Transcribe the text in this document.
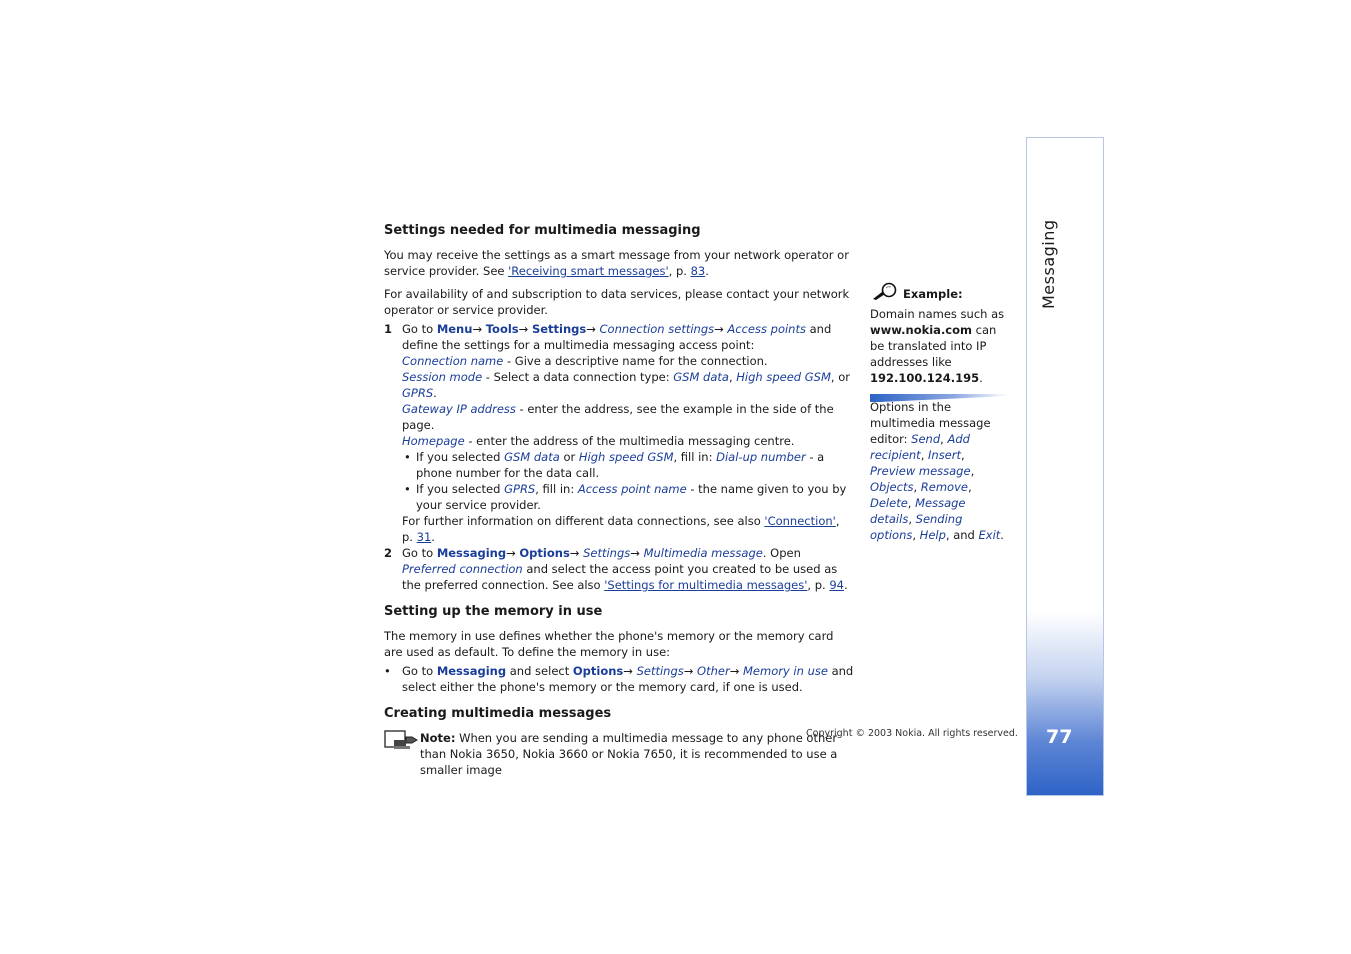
Settings needed for multimedia messaging

You may receive the settings as a smart message from your network operator or service provider. See 'Receiving smart messages', p. 83.

For availability of and subscription to data services, please contact your network operator or service provider.

1 Go to Menu→ Tools→ Settings→ Connection settings→ Access points and define the settings for a multimedia messaging access point:

Connection name - Give a descriptive name for the connection.

Session mode - Select a data connection type: GSM data, High speed GSM, or GPRS.

Gateway IP address - enter the address, see the example in the side of the page.

Homepage - enter the address of the multimedia messaging centre.

• If you selected GSM data or High speed GSM, fill in: Dial-up number - a phone number for the data call.
• If you selected GPRS, fill in: Access point name - the name given to you by your service provider.

For further information on different data connections, see also 'Connection', p. 31.

2 Go to Messaging→ Options→ Settings→ Multimedia message. Open Preferred connection and select the access point you created to be used as the preferred connection. See also 'Settings for multimedia messages', p. 94.
Setting up the memory in use

The memory in use defines whether the phone's memory or the memory card are used as default. To define the memory in use:

• Go to Messaging and select Options→ Settings→ Other→ Memory in use and select either the phone's memory or the memory card, if one is used.
Creating multimedia messages
Note: When you are sending a multimedia message to any phone other than Nokia 3650, Nokia 3660 or Nokia 7650, it is recommended to use a smaller image

Example: Domain names such as www.nokia.com can be translated into IP addresses like 192.100.124.195.

Options in the multimedia message editor: Send, Add recipient, Insert, Preview message, Objects, Remove, Delete, Message details, Sending options, Help, and Exit.

Copyright © 2003 Nokia. All rights reserved.
Messaging
77
